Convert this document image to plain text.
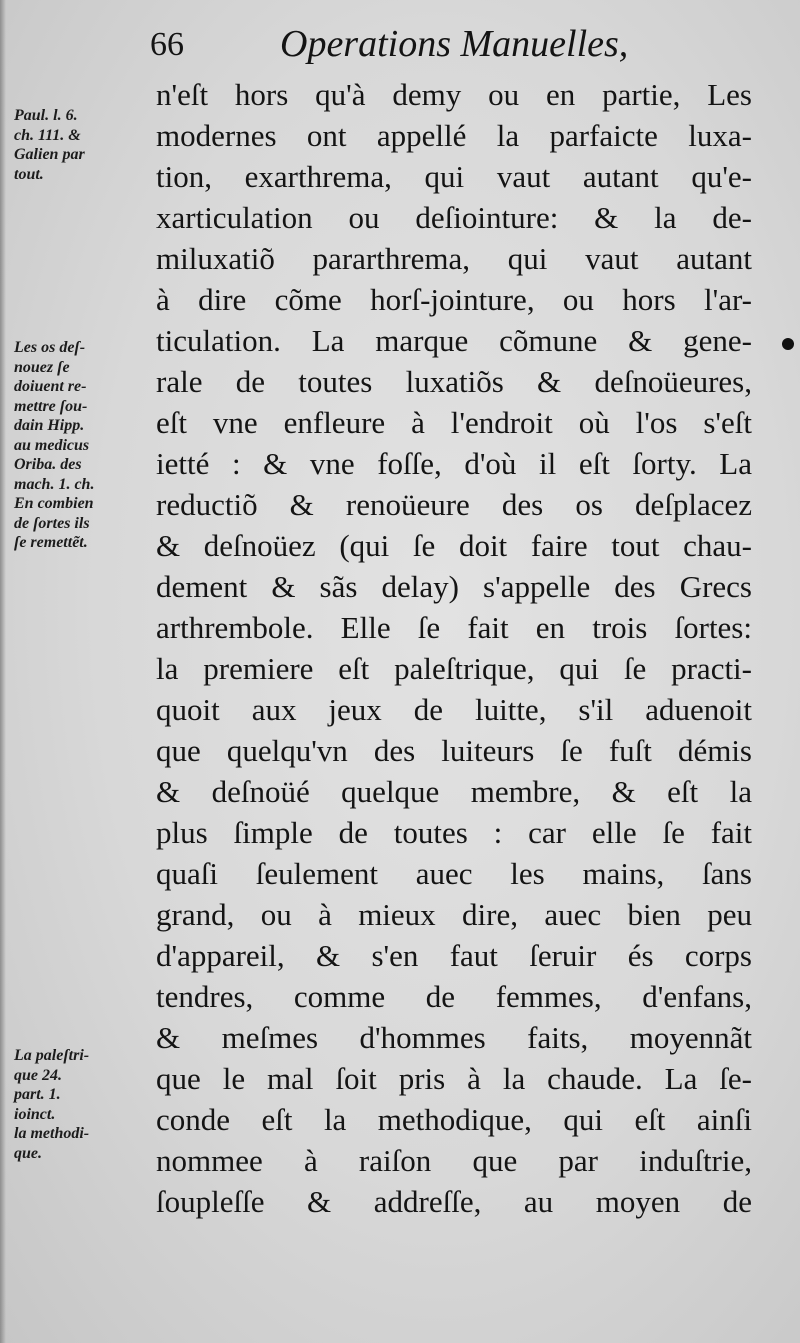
66	Operations Manuelles,
Paul. l. 6.
ch. 111. &
Galien par
tout.
Les os deſ-
nouez ſe
doiuent re-
mettre ſou-
dain Hipp.
au medicus
Oriba. des
mach. 1. ch.
En combien
de ſortes ils
ſe remettẽt.
La paleſtri-
que 24.
part. 1.
ioinct.
la methodi-
que.
n'eſt hors qu'à demy ou en partie, Les
modernes ont appellé la parfaicte luxa-
tion, exarthrema, qui vaut autant qu'e-
xarticulation ou deſiointure: & la de-
miluxatiõ pararthrema, qui vaut autant
à dire cõme horſ-jointure, ou hors l'ar-
ticulation. La marque cõmune & gene-
rale de toutes luxatiõs & deſnoüeures,
eſt vne enfleure à l'endroit où l'os s'eſt
ietté : & vne foſſe, d'où il eſt ſorty. La
reductiõ & renoüeure des os deſplacez
& deſnoüez (qui ſe doit faire tout chau-
dement & sãs delay) s'appelle des Grecs
arthrembole. Elle ſe fait en trois ſortes:
la premiere eſt paleſtrique, qui ſe practi-
quoit aux jeux de luitte, s'il aduenoit
que quelqu'vn des luiteurs ſe fuſt démis
& deſnoüé quelque membre, & eſt la
plus ſimple de toutes : car elle ſe fait
quaſi ſeulement auec les mains, ſans
grand, ou à mieux dire, auec bien peu
d'appareil, & s'en faut ſeruir és corps
tendres, comme de femmes, d'enfans,
& meſmes d'hommes faits, moyennãt
que le mal ſoit pris à la chaude. La ſe-
conde eſt la methodique, qui eſt ainſi
nommee à raiſon que par induſtrie,
ſoupleſſe & addreſſe, au moyen de
